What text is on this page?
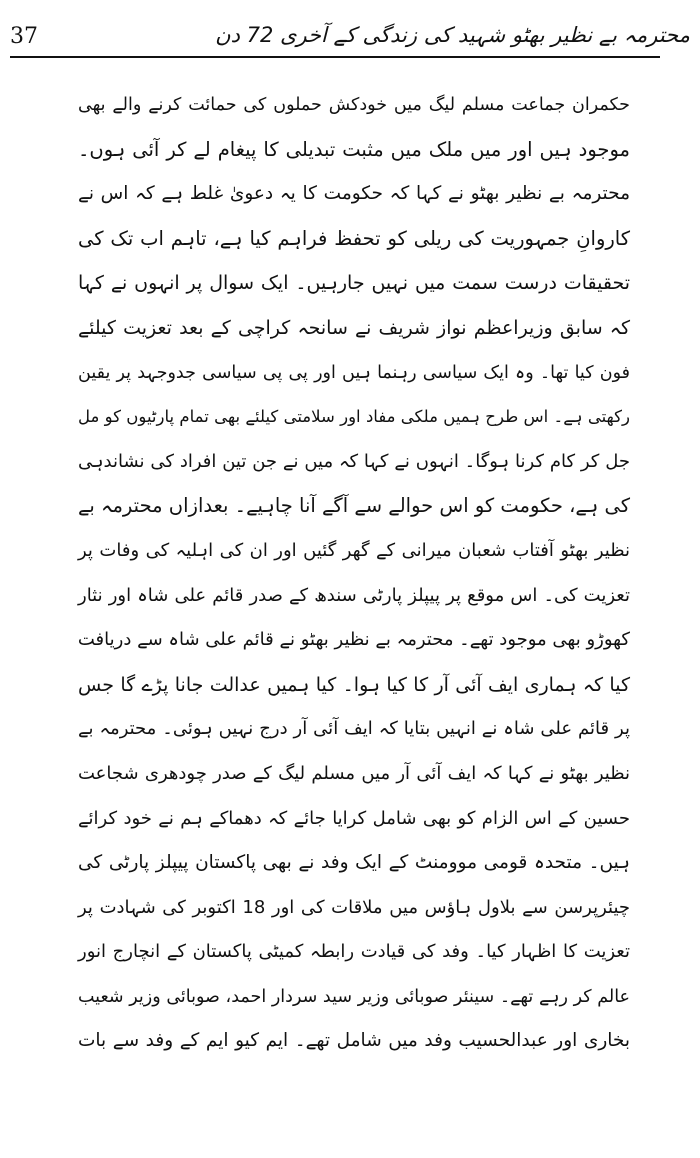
37	محترمہ بے نظیر بھٹو شہید کی زندگی کے آخری 72 دن
حکمران جماعت مسلم لیگ میں خودکش حملوں کی حمائت کرنے والے بھی
موجود ہیں اور میں ملک میں مثبت تبدیلی کا پیغام لے کر آئی ہوں۔
محترمہ بے نظیر بھٹو نے کہا کہ حکومت کا یہ دعویٰ غلط ہے کہ اس نے
کاروانِ جمہوریت کی ریلی کو تحفظ فراہم کیا ہے، تاہم اب تک کی
تحقیقات درست سمت میں نہیں جارہیں۔ ایک سوال پر انہوں نے کہا
کہ سابق وزیراعظم نواز شریف نے سانحہ کراچی کے بعد تعزیت کیلئے
فون کیا تھا۔ وہ ایک سیاسی رہنما ہیں اور پی پی سیاسی جدوجہد پر یقین
رکھتی ہے۔ اس طرح ہمیں ملکی مفاد اور سلامتی کیلئے بھی تمام پارٹیوں کو مل
جل کر کام کرنا ہوگا۔ انہوں نے کہا کہ میں نے جن تین افراد کی نشاندہی
کی ہے، حکومت کو اس حوالے سے آگے آنا چاہیے۔ بعدازاں محترمہ بے
نظیر بھٹو آفتاب شعبان میرانی کے گھر گئیں اور ان کی اہلیہ کی وفات پر
تعزیت کی۔ اس موقع پر پیپلز پارٹی سندھ کے صدر قائم علی شاہ اور نثار
کھوڑو بھی موجود تھے۔ محترمہ بے نظیر بھٹو نے قائم علی شاہ سے دریافت
کیا کہ ہماری ایف آئی آر کا کیا ہوا۔ کیا ہمیں عدالت جانا پڑے گا جس
پر قائم علی شاہ نے انہیں بتایا کہ ایف آئی آر درج نہیں ہوئی۔ محترمہ بے
نظیر بھٹو نے کہا کہ ایف آئی آر میں مسلم لیگ کے صدر چودھری شجاعت
حسین کے اس الزام کو بھی شامل کرایا جائے کہ دھماکے ہم نے خود کرائے
ہیں۔ متحدہ قومی موومنٹ کے ایک وفد نے بھی پاکستان پیپلز پارٹی کی
چیئرپرسن سے بلاول ہاؤس میں ملاقات کی اور 18 اکتوبر کی شہادت پر
تعزیت کا اظہار کیا۔ وفد کی قیادت رابطہ کمیٹی پاکستان کے انچارج انور
عالم کر رہے تھے۔ سینئر صوبائی وزیر سید سردار احمد، صوبائی وزیر شعیب
بخاری اور عبدالحسیب وفد میں شامل تھے۔ ایم کیو ایم کے وفد سے بات
